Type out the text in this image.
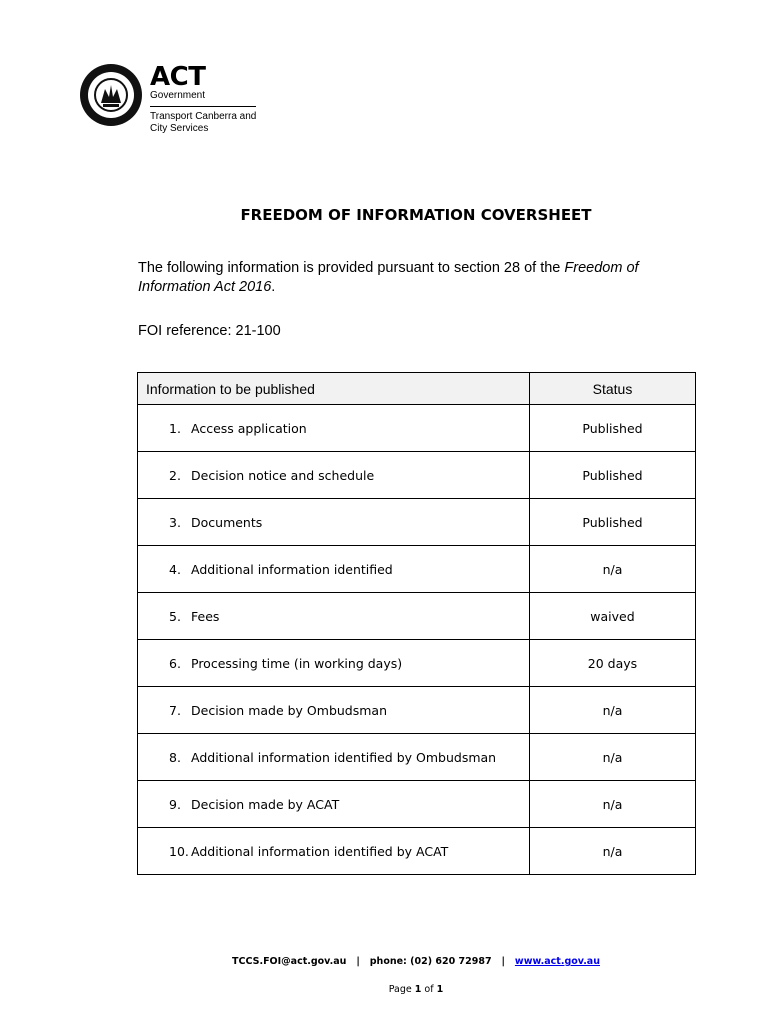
ACT
Government
Transport Canberra and
City Services
FREEDOM OF INFORMATION COVERSHEET
The following information is provided pursuant to section 28 of the Freedom of Information Act 2016.
FOI reference: 21-100
Information to be published	Status
1. Access application	Published
2. Decision notice and schedule	Published
3. Documents	Published
4. Additional information identified	n/a
5. Fees	waived
6. Processing time (in working days)	20 days
7. Decision made by Ombudsman	n/a
8. Additional information identified by Ombudsman	n/a
9. Decision made by ACAT	n/a
10. Additional information identified by ACAT	n/a
TCCS.FOI@act.gov.au | phone: (02) 620 72987 | www.act.gov.au
Page 1 of 1
